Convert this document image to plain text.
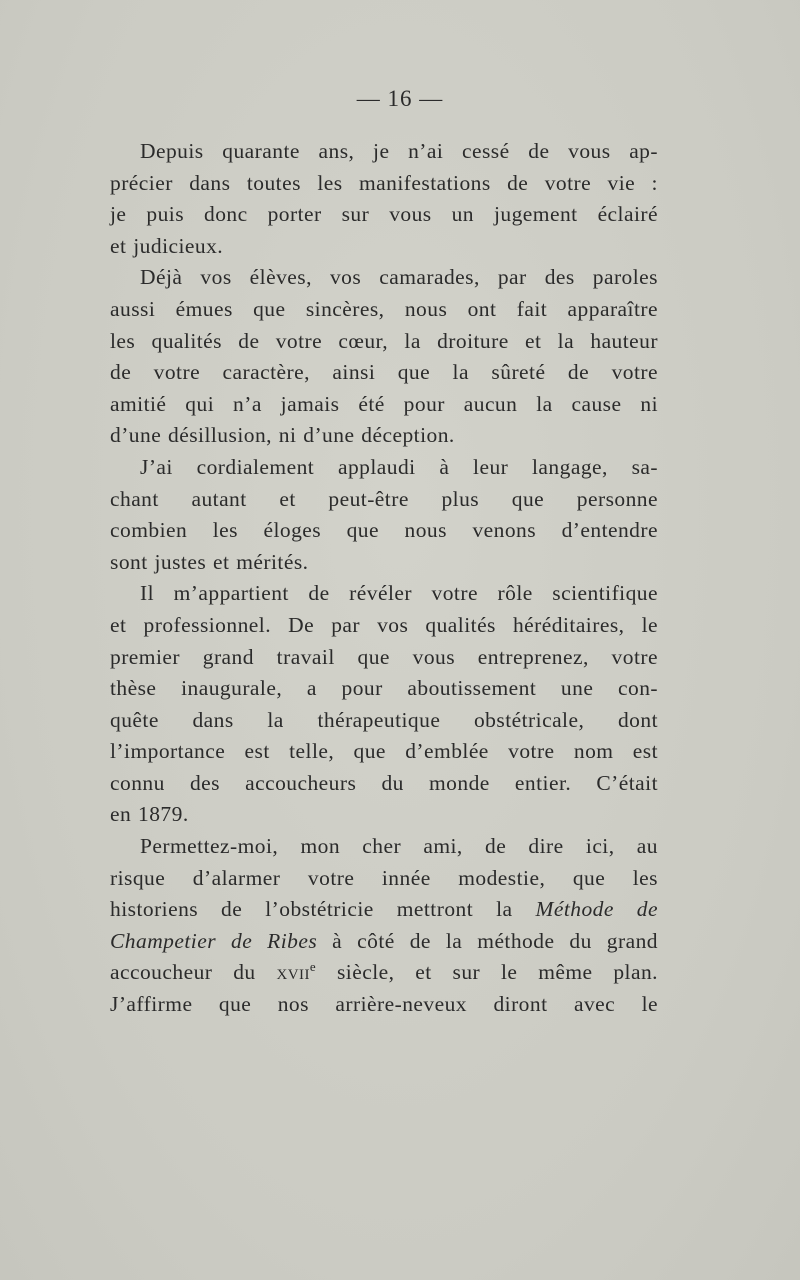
— 16 —

Depuis quarante ans, je n’ai cessé de vous ap-
précier dans toutes les manifestations de votre vie :
je puis donc porter sur vous un jugement éclairé
et judicieux.

Déjà vos élèves, vos camarades, par des paroles
aussi émues que sincères, nous ont fait apparaître
les qualités de votre cœur, la droiture et la hauteur
de votre caractère, ainsi que la sûreté de votre
amitié qui n’a jamais été pour aucun la cause ni
d’une désillusion, ni d’une déception.

J’ai cordialement applaudi à leur langage, sa-
chant autant et peut-être plus que personne
combien les éloges que nous venons d’entendre
sont justes et mérités.

Il m’appartient de révéler votre rôle scientifique
et professionnel. De par vos qualités héréditaires, le
premier grand travail que vous entreprenez, votre
thèse inaugurale, a pour aboutissement une con-
quête dans la thérapeutique obstétricale, dont
l’importance est telle, que d’emblée votre nom est
connu des accoucheurs du monde entier. C’était
en 1879.

Permettez-moi, mon cher ami, de dire ici, au
risque d’alarmer votre innée modestie, que les
historiens de l’obstétricie mettront la Méthode de
Champetier de Ribes à côté de la méthode du grand
accoucheur du xvii$^e$ siècle, et sur le même plan.
J’affirme que nos arrière-neveux diront avec le
